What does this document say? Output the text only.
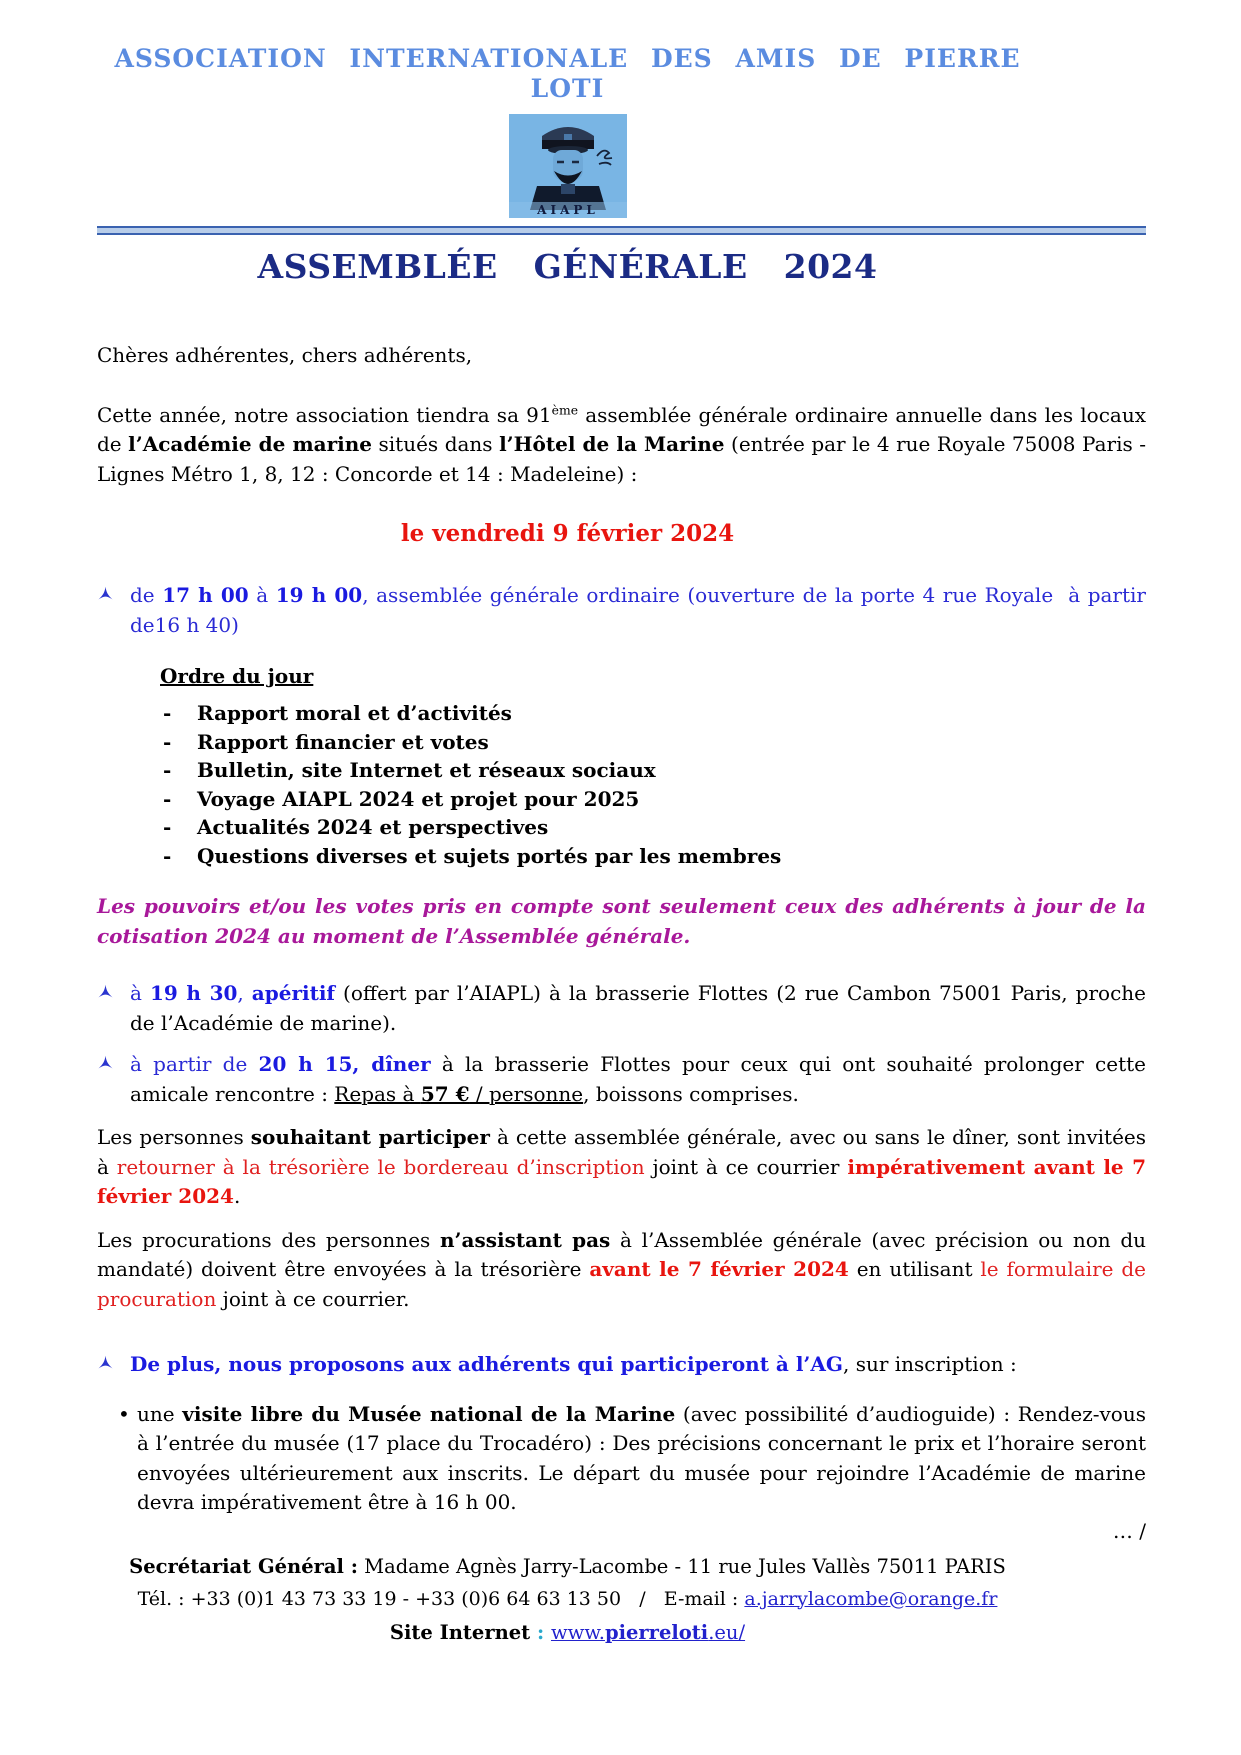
ASSOCIATION INTERNATIONALE DES AMIS DE PIERRE LOTI
AIAPL
ASSEMBLÉE GÉNÉRALE 2024

Chères adhérentes, chers adhérents,

Cette année, notre association tiendra sa 91ème assemblée générale ordinaire annuelle dans les locaux de l’Académie de marine situés dans l’Hôtel de la Marine (entrée par le 4 rue Royale 75008 Paris - Lignes Métro 1, 8, 12 : Concorde et 14 : Madeleine) :

le vendredi 9 février 2024
de 17 h 00 à 19 h 00, assemblée générale ordinaire (ouverture de la porte 4 rue Royale  à partir de16 h 40)
Ordre du jour
- Rapport moral et d’activités
- Rapport financier et votes
- Bulletin, site Internet et réseaux sociaux
- Voyage AIAPL 2024 et projet pour 2025
- Actualités 2024 et perspectives
- Questions diverses et sujets portés par les membres

Les pouvoirs et/ou les votes pris en compte sont seulement ceux des adhérents à jour de la cotisation 2024 au moment de l’Assemblée générale.

à 19 h 30, apéritif (offert par l’AIAPL) à la brasserie Flottes (2 rue Cambon 75001 Paris, proche de l’Académie de marine).
à partir de 20 h 15, dîner à la brasserie Flottes pour ceux qui ont souhaité prolonger cette amicale rencontre : Repas à 57 € / personne, boissons comprises.

Les personnes souhaitant participer à cette assemblée générale, avec ou sans le dîner, sont invitées à retourner à la trésorière le bordereau d’inscription joint à ce courrier impérativement avant le 7 février 2024.

Les procurations des personnes n’assistant pas à l’Assemblée générale (avec précision ou non du mandaté) doivent être envoyées à la trésorière avant le 7 février 2024 en utilisant le formulaire de procuration joint à ce courrier.

De plus, nous proposons aux adhérents qui participeront à l’AG, sur inscription :
• une visite libre du Musée national de la Marine (avec possibilité d’audioguide) : Rendez-vous à l’entrée du musée (17 place du Trocadéro) : Des précisions concernant le prix et l’horaire seront envoyées ultérieurement aux inscrits. Le départ du musée pour rejoindre l’Académie de marine devra impérativement être à 16 h 00.
… /
Secrétariat Général : Madame Agnès Jarry-Lacombe - 11 rue Jules Vallès 75011 PARIS
Tél. : +33 (0)1 43 73 33 19 - +33 (0)6 64 63 13 50   /   E-mail : a.jarrylacombe@orange.fr
Site Internet : www.pierreloti.eu/
